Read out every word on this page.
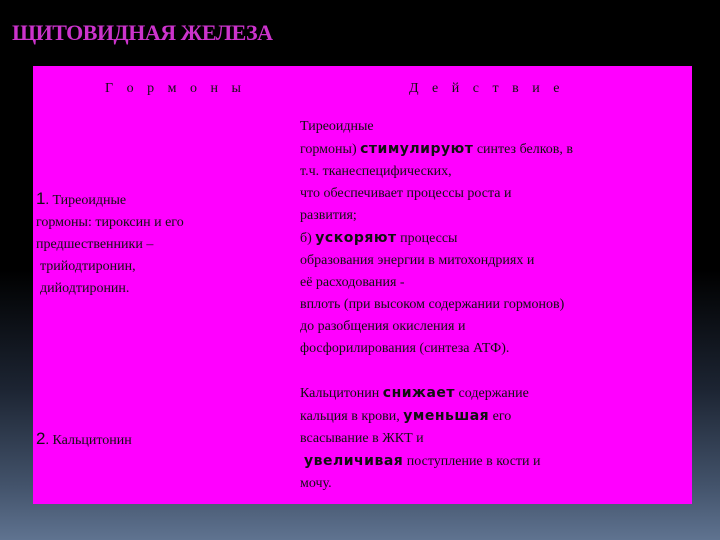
ЩИТОВИДНАЯ ЖЕЛЕЗА
Г о р м о н ы	Д е й с т в и е
1. Тиреоидные
гормоны: тироксин и его
предшественники –
трийодтиронин,
дийодтиронин.
2. Кальцитонин
Тиреоидные
гормоны) стимулируют синтез белков, в
т.ч. тканеспецифических,
что обеспечивает процессы роста и
развития;
б) ускоряют процессы
образования энергии в митохондриях и
её расходования -
вплоть (при высоком содержании гормонов)
до разобщения окисления и
фосфорилирования (синтеза АТФ).
Кальцитонин снижает содержание
кальция в крови, уменьшая его
всасывание в ЖКТ и
увеличивая поступление в кости и
мочу.
